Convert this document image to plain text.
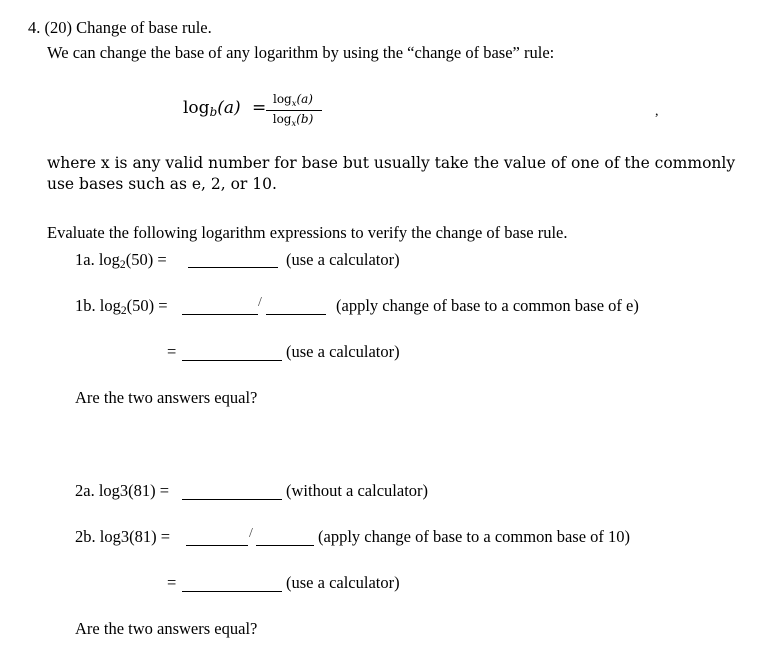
4. (20) Change of base rule.
We can change the base of any logarithm by using the “change of base” rule:
$\log_b(a) = \log_x(a)$
$\log_x(b)$	,
where x is any valid number for base but usually take the value of one of the commonly
use bases such as e, 2, or 10.
Evaluate the following logarithm expressions to verify the change of base rule.
1a. $\log_2(50)$ =	(use a calculator)
1b. $\log_2(50)$ =	/	(apply change of base to a common base of e)
=	(use a calculator)
Are the two answers equal?
2a. log3(81) =	(without a calculator)
2b. log3(81) =	/	(apply change of base to a common base of 10)
=	(use a calculator)
Are the two answers equal?
